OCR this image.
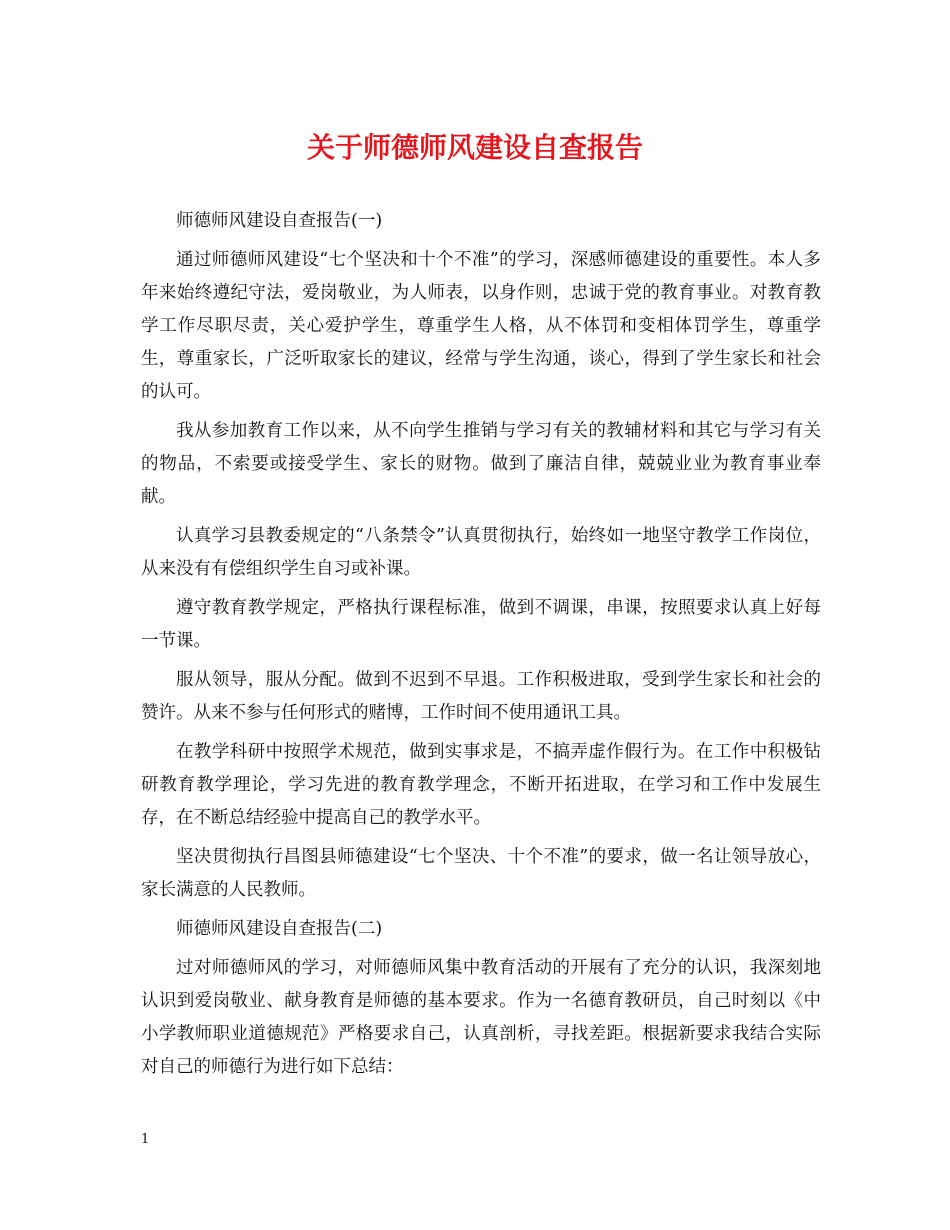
关于师德师风建设自查报告

师德师风建设自查报告(一)

通过师德师风建设“七个坚决和十个不准”的学习，深感师德建设的重要性。本人多年来始终遵纪守法，爱岗敬业，为人师表，以身作则，忠诚于党的教育事业。对教育教学工作尽职尽责，关心爱护学生，尊重学生人格，从不体罚和变相体罚学生，尊重学生，尊重家长，广泛听取家长的建议，经常与学生沟通，谈心，得到了学生家长和社会的认可。

我从参加教育工作以来，从不向学生推销与学习有关的教辅材料和其它与学习有关的物品，不索要或接受学生、家长的财物。做到了廉洁自律，兢兢业业为教育事业奉献。

认真学习县教委规定的“八条禁令”认真贯彻执行，始终如一地坚守教学工作岗位，从来没有有偿组织学生自习或补课。

遵守教育教学规定，严格执行课程标准，做到不调课，串课，按照要求认真上好每一节课。

服从领导，服从分配。做到不迟到不早退。工作积极进取，受到学生家长和社会的赞许。从来不参与任何形式的赌博，工作时间不使用通讯工具。

在教学科研中按照学术规范，做到实事求是，不搞弄虚作假行为。在工作中积极钻研教育教学理论，学习先进的教育教学理念，不断开拓进取，在学习和工作中发展生存，在不断总结经验中提高自己的教学水平。

坚决贯彻执行昌图县师德建设“七个坚决、十个不准”的要求，做一名让领导放心，家长满意的人民教师。

师德师风建设自查报告(二)

过对师德师风的学习，对师德师风集中教育活动的开展有了充分的认识，我深刻地认识到爱岗敬业、献身教育是师德的基本要求。作为一名德育教研员，自己时刻以《中小学教师职业道德规范》严格要求自己，认真剖析，寻找差距。根据新要求我结合实际对自己的师德行为进行如下总结：

1
